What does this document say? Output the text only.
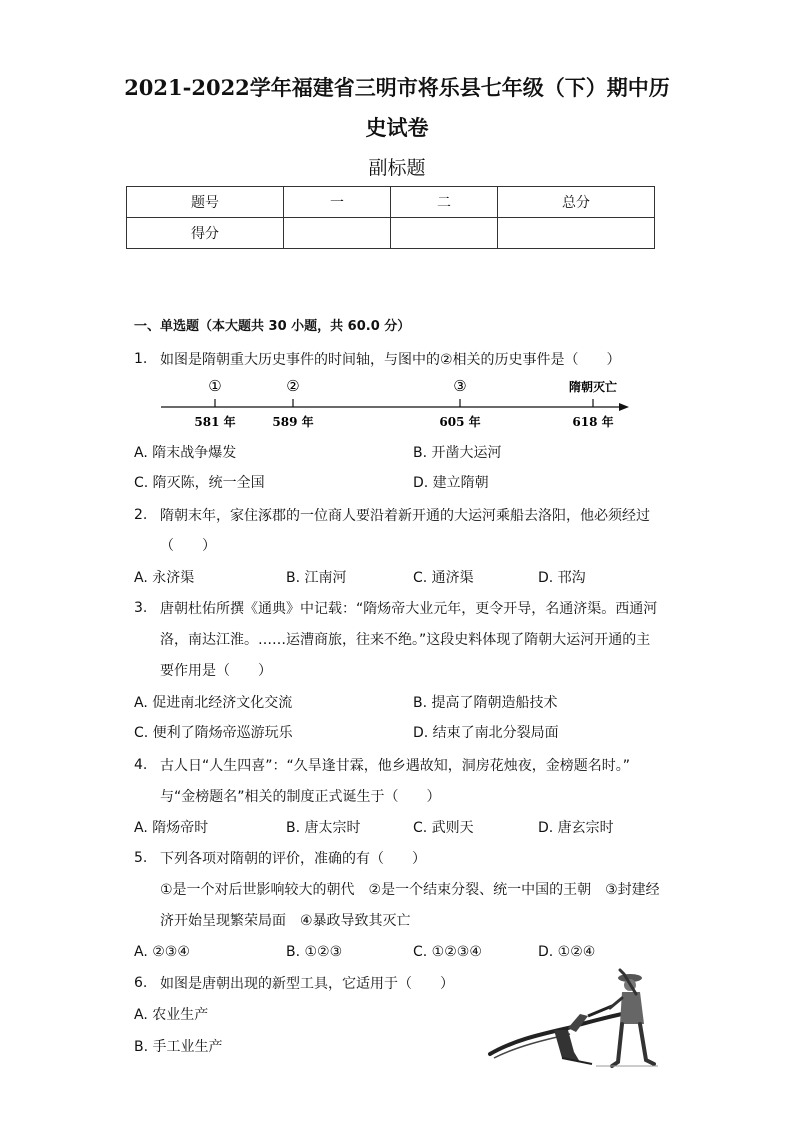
2021-2022学年福建省三明市将乐县七年级（下）期中历
史试卷
副标题
题号	一	二	总分
得分			
一、单选题（本大题共 30 小题，共 60.0 分）
1. 如图是隋朝重大历史事件的时间轴，与图中的②相关的历史事件是（　　）
①	②	③	隋朝灭亡
581 年	589 年	605 年	618 年
A. 隋末战争爆发	B. 开凿大运河
C. 隋灭陈，统一全国	D. 建立隋朝
2. 隋朝末年，家住涿郡的一位商人要沿着新开通的大运河乘船去洛阳，他必须经过
（　　）
A. 永济渠	B. 江南河	C. 通济渠	D. 邗沟
3. 唐朝杜佑所撰《通典》中记载：“隋炀帝大业元年，更令开导，名通济渠。西通河
洛，南达江淮。……运漕商旅，往来不绝。”这段史料体现了隋朝大运河开通的主
要作用是（　　）
A. 促进南北经济文化交流	B. 提高了隋朝造船技术
C. 便利了隋炀帝巡游玩乐	D. 结束了南北分裂局面
4. 古人日“人生四喜”：“久旱逢甘霖，他乡遇故知，洞房花烛夜，金榜题名时。”
与“金榜题名”相关的制度正式诞生于（　　）
A. 隋炀帝时	B. 唐太宗时	C. 武则天	D. 唐玄宗时
5. 下列各项对隋朝的评价，准确的有（　　）
①是一个对后世影响较大的朝代　②是一个结束分裂、统一中国的王朝　③封建经
济开始呈现繁荣局面　④暴政导致其灭亡
A. ②③④	B. ①②③	C. ①②③④	D. ①②④
6. 如图是唐朝出现的新型工具，它适用于（　　）
A. 农业生产
B. 手工业生产
